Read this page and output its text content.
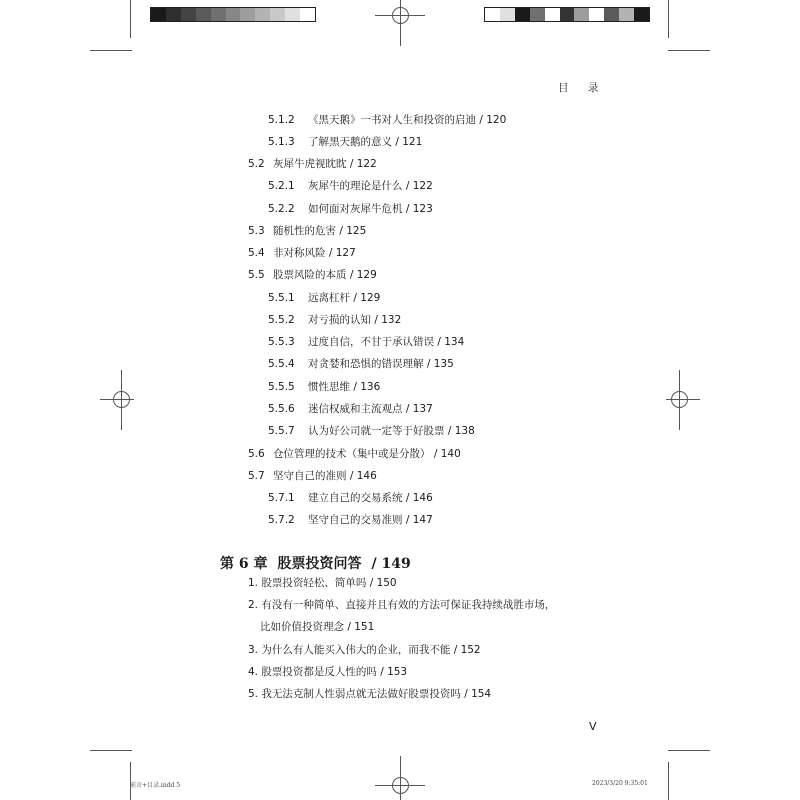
目 录
5.1.2 《黑天鹅》一书对人生和投资的启迪 / 120
5.1.3 了解黑天鹅的意义 / 121
5.2 灰犀牛虎视眈眈 / 122
5.2.1 灰犀牛的理论是什么 / 122
5.2.2 如何面对灰犀牛危机 / 123
5.3 随机性的危害 / 125
5.4 非对称风险 / 127
5.5 股票风险的本质 / 129
5.5.1 远离杠杆 / 129
5.5.2 对亏损的认知 / 132
5.5.3 过度自信，不甘于承认错误 / 134
5.5.4 对贪婪和恐惧的错误理解 / 135
5.5.5 惯性思维 / 136
5.5.6 迷信权威和主流观点 / 137
5.5.7 认为好公司就一定等于好股票 / 138
5.6 仓位管理的技术（集中或是分散） / 140
5.7 坚守自己的准则 / 146
5.7.1 建立自己的交易系统 / 146
5.7.2 坚守自己的交易准则 / 147
第 6 章 股票投资问答 / 149
1. 股票投资轻松、简单吗 / 150
2. 有没有一种简单、直接并且有效的方法可保证我持续战胜市场，
比如价值投资理念 / 151
3. 为什么有人能买入伟大的企业，而我不能 / 152
4. 股票投资都是反人性的吗 / 153
5. 我无法克制人性弱点就无法做好股票投资吗 / 154
V
前言+目录.indd 5	2023/3/20 9:35:01
